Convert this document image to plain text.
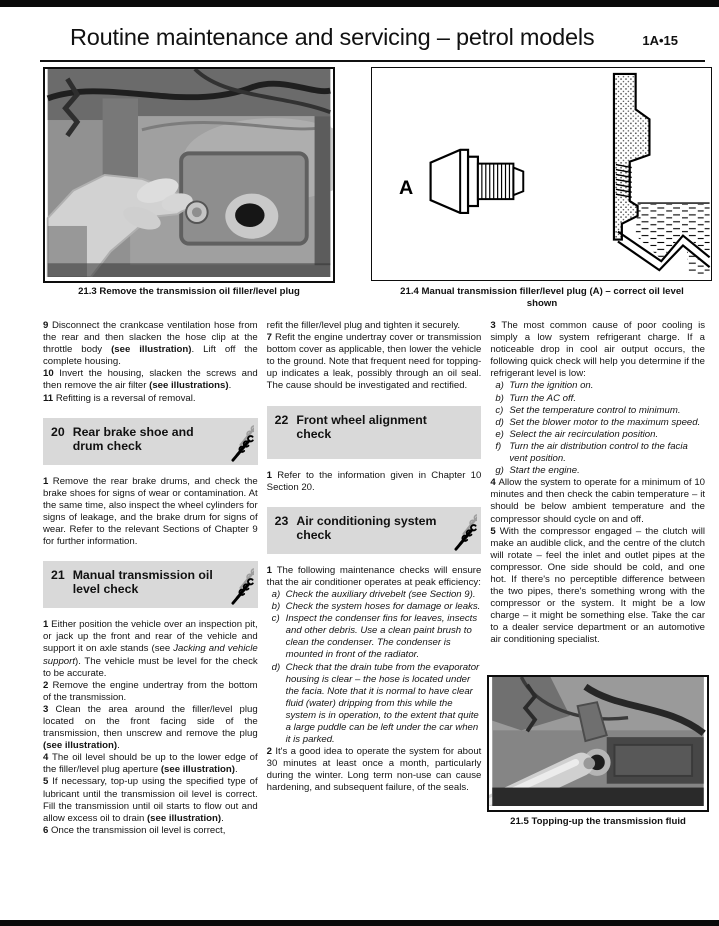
Routine maintenance and servicing – petrol models	1A•15
21.3 Remove the transmission oil filler/level plug
A
21.4 Manual transmission filler/level plug (A) – correct oil level shown

9 Disconnect the crankcase ventilation hose from the rear and then slacken the hose clip at the throttle body (see illustration). Lift off the complete housing.

10 Invert the housing, slacken the screws and then remove the air filter (see illustrations).

11 Refitting is a reversal of removal.

20 Rear brake shoe and drum check

1 Remove the rear brake drums, and check the brake shoes for signs of wear or contamination. At the same time, also inspect the wheel cylinders for signs of leakage, and the brake drum for signs of wear. Refer to the relevant Sections of Chapter 9 for further information.

21 Manual transmission oil level check

1 Either position the vehicle over an inspection pit, or jack up the front and rear of the vehicle and support it on axle stands (see Jacking and vehicle support). The vehicle must be level for the check to be accurate.

2 Remove the engine undertray from the bottom of the transmission.

3 Clean the area around the filler/level plug located on the front facing side of the transmission, then unscrew and remove the plug (see illustration).

4 The oil level should be up to the lower edge of the filler/level plug aperture (see illustration).

5 If necessary, top-up using the specified type of lubricant until the transmission oil level is correct. Fill the transmission until oil starts to flow out and allow excess oil to drain (see illustration).

6 Once the transmission oil level is correct,

refit the filler/level plug and tighten it securely.

7 Refit the engine undertray cover or transmission bottom cover as applicable, then lower the vehicle to the ground. Note that frequent need for topping-up indicates a leak, possibly through an oil seal. The cause should be investigated and rectified.

22 Front wheel alignment check

1 Refer to the information given in Chapter 10 Section 20.

23 Air conditioning system check

1 The following maintenance checks will ensure that the air conditioner operates at peak efficiency:

a) Check the auxiliary drivebelt (see Section 9).
b) Check the system hoses for damage or leaks.
c) Inspect the condenser fins for leaves, insects and other debris. Use a clean paint brush to clean the condenser. The condenser is mounted in front of the radiator.
d) Check that the drain tube from the evaporator housing is clear – the hose is located under the facia. Note that it is normal to have clear fluid (water) dripping from this while the system is in operation, to the extent that quite a large puddle can be left under the car when it is parked.

2 It's a good idea to operate the system for about 30 minutes at least once a month, particularly during the winter. Long term non-use can cause hardening, and subsequent failure, of the seals.

3 The most common cause of poor cooling is simply a low system refrigerant charge. If a noticeable drop in cool air output occurs, the following quick check will help you determine if the refrigerant level is low:

a) Turn the ignition on.
b) Turn the AC off.
c) Set the temperature control to minimum.
d) Set the blower motor to the maximum speed.
e) Select the air recirculation position.
f) Turn the air distribution control to the facia vent position.
g) Start the engine.

4 Allow the system to operate for a minimum of 10 minutes and then check the cabin temperature – it should be below ambient temperature and the compressor should cycle on and off.

5 With the compressor engaged – the clutch will make an audible click, and the centre of the clutch will rotate – feel the inlet and outlet pipes at the compressor. One side should be cold, and one hot. If there's no perceptible difference between the two pipes, there's something wrong with the compressor or the system. It might be a low charge – it might be something else. Take the car to a dealer service department or an automotive air conditioning specialist.

21.5 Topping-up the transmission fluid
